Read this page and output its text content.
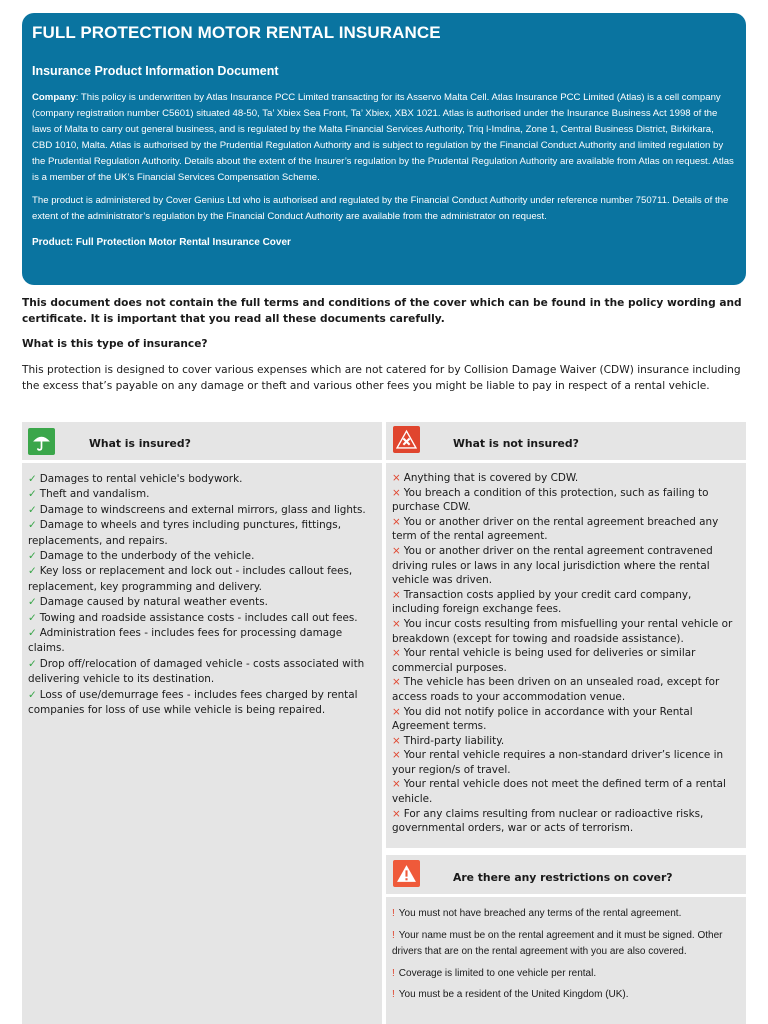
FULL PROTECTION MOTOR RENTAL INSURANCE
Insurance Product Information Document
Company: This policy is underwritten by Atlas Insurance PCC Limited transacting for its Asservo Malta Cell. Atlas Insurance PCC Limited (Atlas) is a cell company (company registration number C5601) situated 48-50, Ta’ Xbiex Sea Front, Ta’ Xbiex, XBX 1021. Atlas is authorised under the Insurance Business Act 1998 of the laws of Malta to carry out general business, and is regulated by the Malta Financial Services Authority, Triq l-Imdina, Zone 1, Central Business District, Birkirkara, CBD 1010, Malta. Atlas is authorised by the Prudential Regulation Authority and is subject to regulation by the Financial Conduct Authority and limited regulation by the Prudential Regulation Authority. Details about the extent of the Insurer’s regulation by the Prudental Regulation Authority are available from Atlas on request. Atlas is a member of the UK’s Financial Services Compensation Scheme.
The product is administered by Cover Genius Ltd who is authorised and regulated by the Financial Conduct Authority under reference number 750711. Details of the extent of the administrator’s regulation by the Financial Conduct Authority are available from the administrator on request.
Product: Full Protection Motor Rental Insurance Cover
This document does not contain the full terms and conditions of the cover which can be found in the policy wording and certificate. It is important that you read all these documents carefully.
What is this type of insurance?
This protection is designed to cover various expenses which are not catered for by Collision Damage Waiver (CDW) insurance including the excess that’s payable on any damage or theft and various other fees you might be liable to pay in respect of a rental vehicle.
What is insured?
✓ Damages to rental vehicle's bodywork.
✓ Theft and vandalism.
✓ Damage to windscreens and external mirrors, glass and lights.
✓ Damage to wheels and tyres including punctures, fittings, replacements, and repairs.
✓ Damage to the underbody of the vehicle.
✓ Key loss or replacement and lock out - includes callout fees, replacement, key programming and delivery.
✓ Damage caused by natural weather events.
✓ Towing and roadside assistance costs - includes call out fees.
✓ Administration fees - includes fees for processing damage claims.
✓ Drop off/relocation of damaged vehicle - costs associated with delivering vehicle to its destination.
✓ Loss of use/demurrage fees - includes fees charged by rental companies for loss of use while vehicle is being repaired.
What is not insured?
× Anything that is covered by CDW.
× You breach a condition of this protection, such as failing to purchase CDW.
× You or another driver on the rental agreement breached any term of the rental agreement.
× You or another driver on the rental agreement contravened driving rules or laws in any local jurisdiction where the rental vehicle was driven.
× Transaction costs applied by your credit card company, including foreign exchange fees.
× You incur costs resulting from misfuelling your rental vehicle or breakdown (except for towing and roadside assistance).
× Your rental vehicle is being used for deliveries or similar commercial purposes.
× The vehicle has been driven on an unsealed road, except for access roads to your accommodation venue.
× You did not notify police in accordance with your Rental Agreement terms.
× Third-party liability.
× Your rental vehicle requires a non-standard driver’s licence in your region/s of travel.
× Your rental vehicle does not meet the defined term of a rental vehicle.
× For any claims resulting from nuclear or radioactive risks, governmental orders, war or acts of terrorism.
Are there any restrictions on cover?
! You must not have breached any terms of the rental agreement.
! Your name must be on the rental agreement and it must be signed. Other drivers that are on the rental agreement with you are also covered.
! Coverage is limited to one vehicle per rental.
! You must be a resident of the United Kingdom (UK).
